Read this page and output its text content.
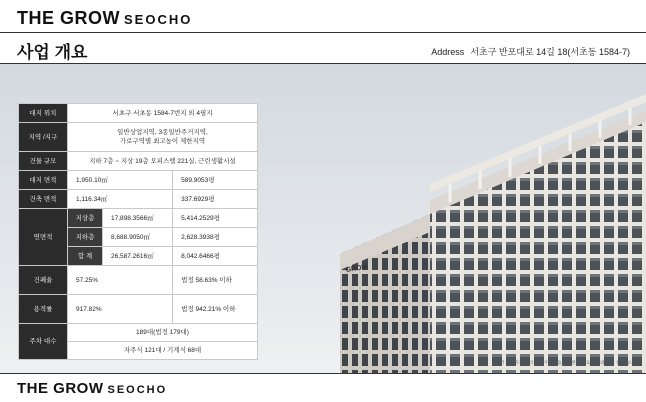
THE GROW SEOCHO
사업 개요	Address 서초구 반포대로 14길 18(서초동 1584-7)
GROW
상기 이미지는 소비자의 이해를 돕기 위한 것으로 실제와 다를 수 있습니다.
대지 위치	서초구 서초동 1584-7번지 외 4필지		
지역 /지구	일반상업지역, 3종일반주거지역,
가로구역별 최고높이 제한지역		

건물 규모	지하 7층 ~ 지상 19층 오피스텔 221실, 근린생활시설		
대지 면적	1,950.10㎡		589.9053평
건축 면적	1,116.34㎡		337.6929평
연면적	지상층	17,898.3566㎡	5,414.2529평
	지하층	8,688.9050㎡	2,628.3938평
	합 계	26,587.2616㎡	8,042.6466평
건폐율	57.25%		법정 58.63% 이하
용적률	917.82%		법정 942.21% 이하
주차 대수	189대(법정 179대)
자주식 121대 / 기계식 68대		
THE GROW SEOCHO
